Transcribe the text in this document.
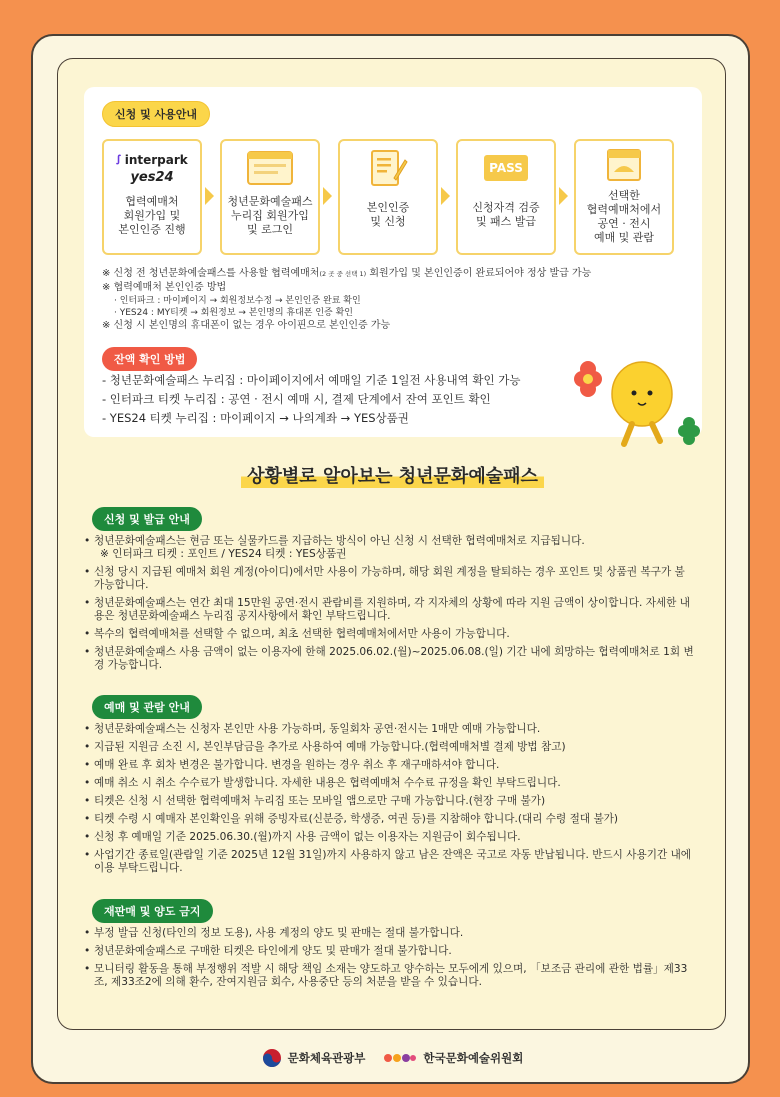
신청 및 사용안내
ꭍ interpark
yes24
협력예매처
회원가입 및
본인인증 진행
청년문화예술패스
누리집 회원가입
및 로그인
본인인증
및 신청
PASS
신청자격 검증
및 패스 발급
선택한
협력예매처에서
공연 · 전시
예매 및 관람
※ 신청 전 청년문화예술패스를 사용할 협력예매처(2 곳 중 선택 1) 회원가입 및 본인인증이 완료되어야 정상 발급 가능
※ 협력예매처 본인인증 방법
· 인터파크 : 마이페이지 → 회원정보수정 → 본인인증 완료 확인
· YES24 : MY티켓 → 회원정보 → 본인명의 휴대폰 인증 확인
※ 신청 시 본인명의 휴대폰이 없는 경우 아이핀으로 본인인증 가능
잔액 확인 방법
- 청년문화예술패스 누리집 : 마이페이지에서 예매일 기준 1일전 사용내역 확인 가능
- 인터파크 티켓 누리집 : 공연 · 전시 예매 시, 결제 단계에서 잔여 포인트 확인
- YES24 티켓 누리집 : 마이페이지 → 나의계좌 → YES상품권
상황별로 알아보는 청년문화예술패스
신청 및 발급 안내
• 청년문화예술패스는 현금 또는 실물카드를 지급하는 방식이 아닌 신청 시 선택한 협력예매처로 지급됩니다.
※ 인터파크 티켓 : 포인트 / YES24 티켓 : YES상품권
• 신청 당시 지급된 예매처 회원 계정(아이디)에서만 사용이 가능하며, 해당 회원 계정을 탈퇴하는 경우 포인트 및 상품권 복구가 불가능합니다.
• 청년문화예술패스는 연간 최대 15만원 공연·전시 관람비를 지원하며, 각 지자체의 상황에 따라 지원 금액이 상이합니다. 자세한 내용은 청년문화예술패스 누리집 공지사항에서 확인 부탁드립니다.
• 복수의 협력예매처를 선택할 수 없으며, 최초 선택한 협력예매처에서만 사용이 가능합니다.
• 청년문화예술패스 사용 금액이 없는 이용자에 한해 2025.06.02.(월)~2025.06.08.(일) 기간 내에 희망하는 협력예매처로 1회 변경 가능합니다.
예매 및 관람 안내
• 청년문화예술패스는 신청자 본인만 사용 가능하며, 동일회차 공연·전시는 1매만 예매 가능합니다.
• 지급된 지원금 소진 시, 본인부담금을 추가로 사용하여 예매 가능합니다.(협력예매처별 결제 방법 참고)
• 예매 완료 후 회차 변경은 불가합니다. 변경을 원하는 경우 취소 후 재구매하셔야 합니다.
• 예매 취소 시 취소 수수료가 발생합니다. 자세한 내용은 협력예매처 수수료 규정을 확인 부탁드립니다.
• 티켓은 신청 시 선택한 협력예매처 누리집 또는 모바일 앱으로만 구매 가능합니다.(현장 구매 불가)
• 티켓 수령 시 예매자 본인확인을 위해 증빙자료(신분증, 학생증, 여권 등)를 지참해야 합니다.(대리 수령 절대 불가)
• 신청 후 예매일 기준 2025.06.30.(월)까지 사용 금액이 없는 이용자는 지원금이 회수됩니다.
• 사업기간 종료일(관람일 기준 2025년 12월 31일)까지 사용하지 않고 남은 잔액은 국고로 자동 반납됩니다. 반드시 사용기간 내에 이용 부탁드립니다.
재판매 및 양도 금지
• 부정 발급 신청(타인의 정보 도용), 사용 계정의 양도 및 판매는 절대 불가합니다.
• 청년문화예술패스로 구매한 티켓은 타인에게 양도 및 판매가 절대 불가합니다.
• 모니터링 활동을 통해 부정행위 적발 시 해당 책임 소재는 양도하고 양수하는 모두에게 있으며, 「보조금 관리에 관한 법률」제33조, 제33조2에 의해 환수, 잔여지원금 회수, 사용중단 등의 처분을 받을 수 있습니다.
문화체육관광부	한국문화예술위원회
